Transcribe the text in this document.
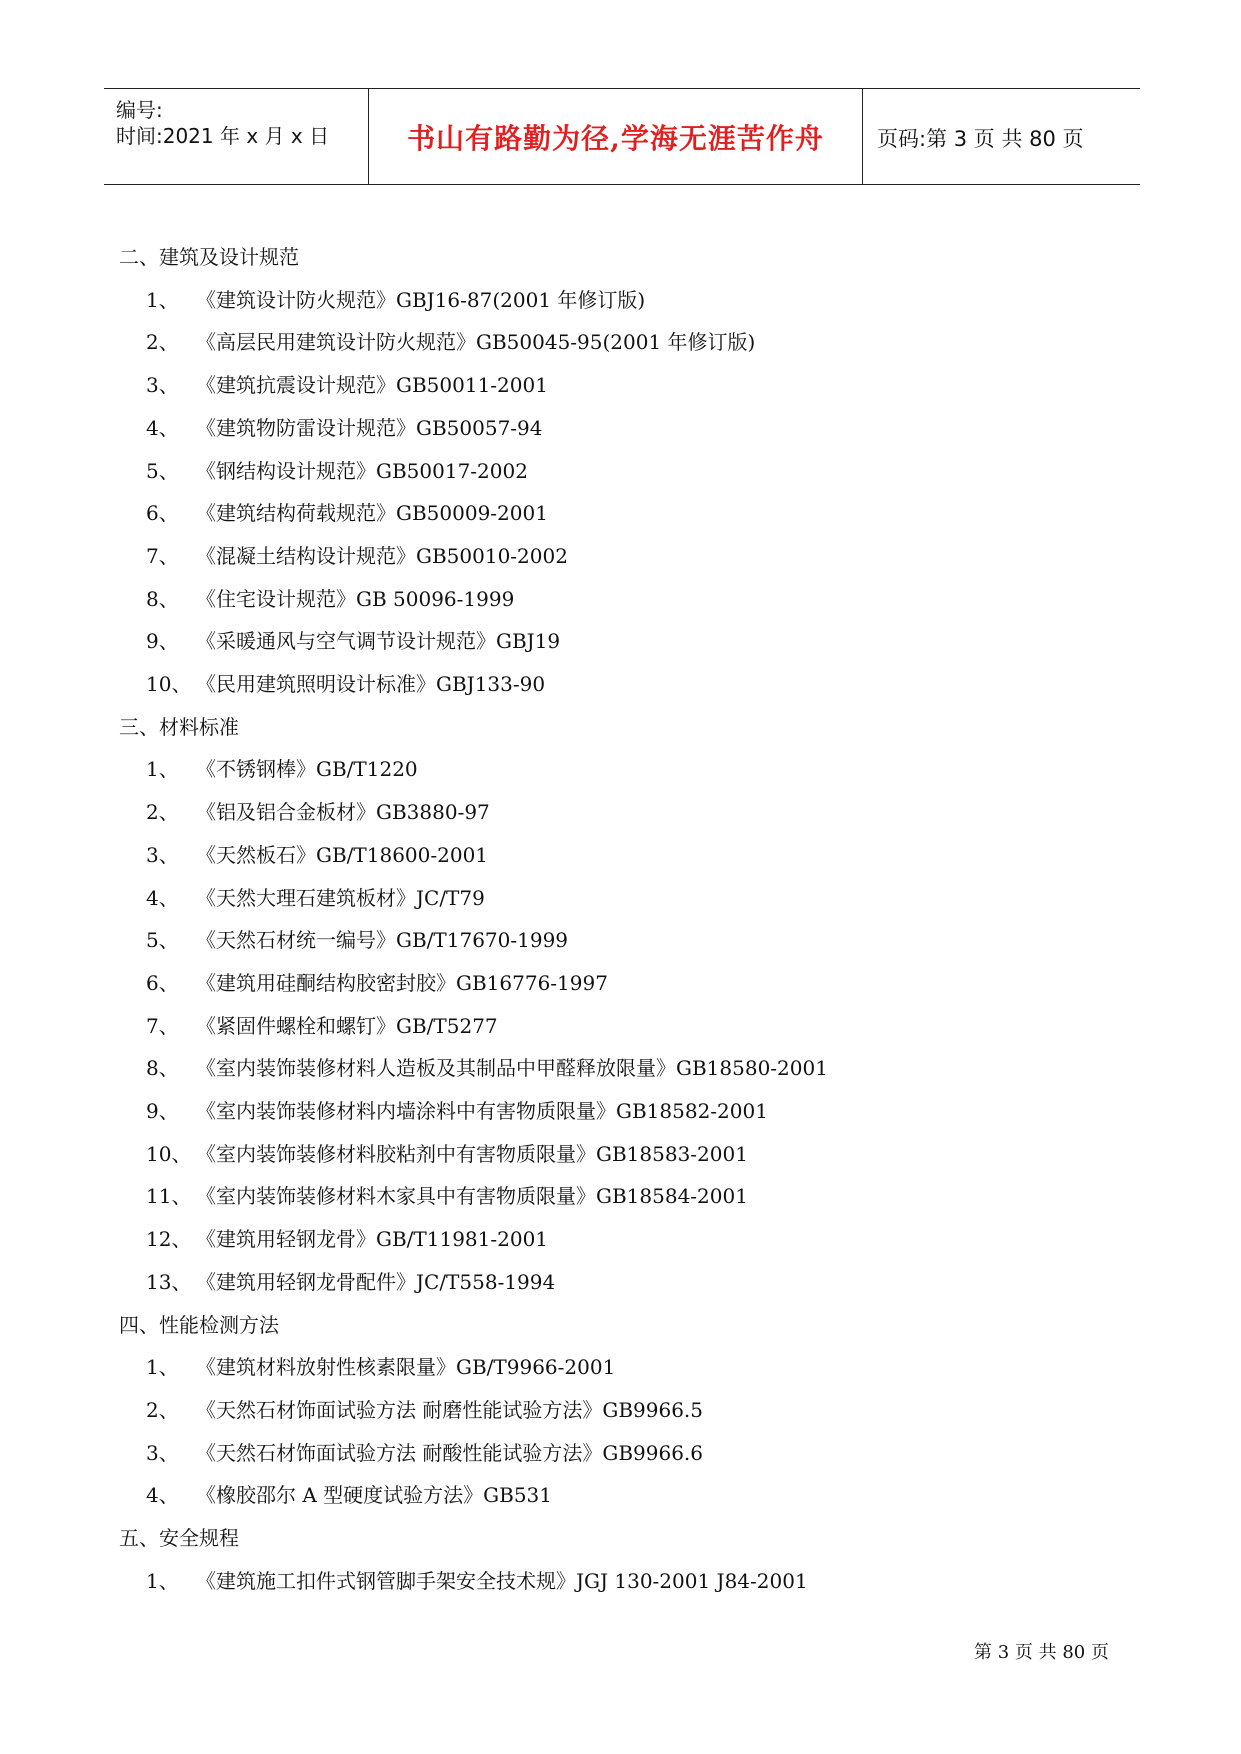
编号:
时间:2021 年 x 月 x 日	书山有路勤为径,学海无涯苦作舟	页码:第 3 页 共 80 页
二、建筑及设计规范
1、 《建筑设计防火规范》GBJ16-87(2001 年修订版)
2、 《高层民用建筑设计防火规范》GB50045-95(2001 年修订版)
3、 《建筑抗震设计规范》GB50011-2001
4、 《建筑物防雷设计规范》GB50057-94
5、 《钢结构设计规范》GB50017-2002
6、 《建筑结构荷载规范》GB50009-2001
7、 《混凝土结构设计规范》GB50010-2002
8、 《住宅设计规范》GB 50096-1999
9、 《采暖通风与空气调节设计规范》GBJ19
10、 《民用建筑照明设计标准》GBJ133-90
三、材料标准
1、 《不锈钢棒》GB/T1220
2、 《铝及铝合金板材》GB3880-97
3、 《天然板石》GB/T18600-2001
4、 《天然大理石建筑板材》JC/T79
5、 《天然石材统一编号》GB/T17670-1999
6、 《建筑用硅酮结构胶密封胶》GB16776-1997
7、 《紧固件螺栓和螺钉》GB/T5277
8、 《室内装饰装修材料人造板及其制品中甲醛释放限量》GB18580-2001
9、 《室内装饰装修材料内墙涂料中有害物质限量》GB18582-2001
10、 《室内装饰装修材料胶粘剂中有害物质限量》GB18583-2001
11、 《室内装饰装修材料木家具中有害物质限量》GB18584-2001
12、 《建筑用轻钢龙骨》GB/T11981-2001
13、 《建筑用轻钢龙骨配件》JC/T558-1994
四、性能检测方法
1、 《建筑材料放射性核素限量》GB/T9966-2001
2、 《天然石材饰面试验方法 耐磨性能试验方法》GB9966.5
3、 《天然石材饰面试验方法 耐酸性能试验方法》GB9966.6
4、 《橡胶邵尔 A 型硬度试验方法》GB531
五、安全规程
1、 《建筑施工扣件式钢管脚手架安全技术规》JGJ 130-2001 J84-2001
第 3 页 共 80 页
